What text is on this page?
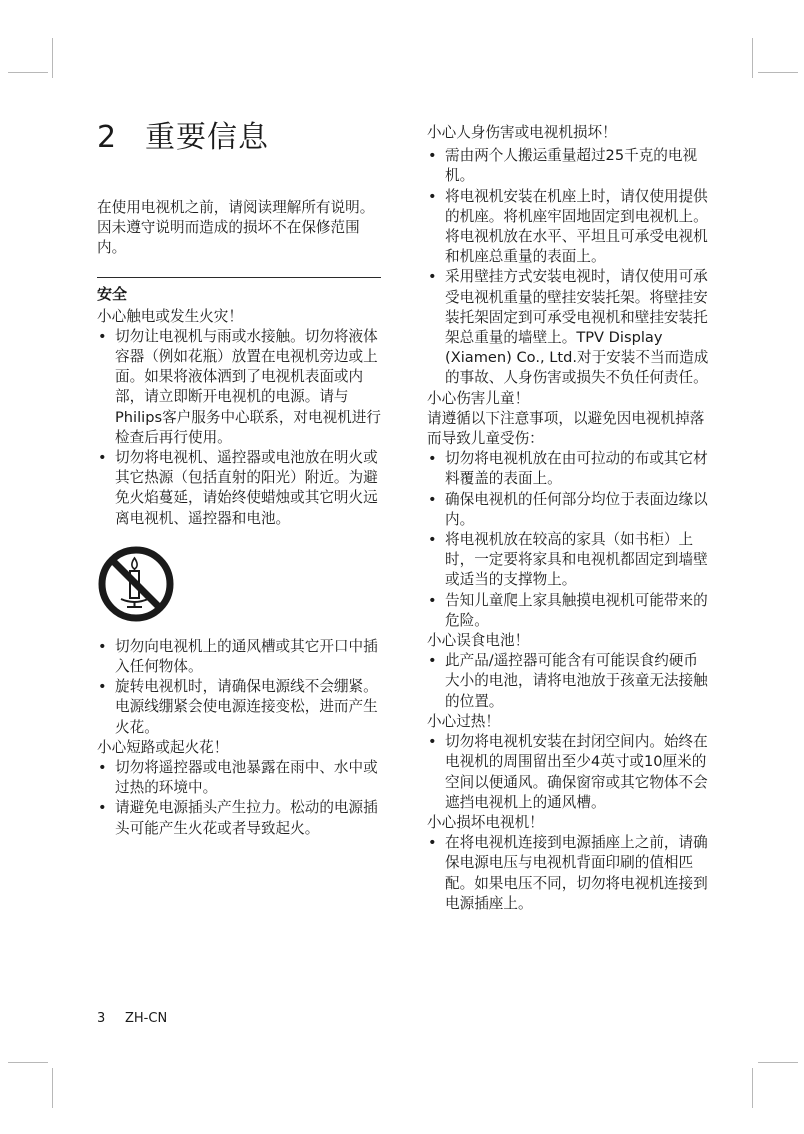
2 重要信息

在使用电视机之前，请阅读理解所有说明。因未遵守说明而造成的损坏不在保修范围内。

安全

小心触电或发生火灾！

• 切勿让电视机与雨或水接触。切勿将液体容器（例如花瓶）放置在电视机旁边或上面。如果将液体洒到了电视机表面或内部，请立即断开电视机的电源。请与Philips客户服务中心联系，对电视机进行检查后再行使用。
• 切勿将电视机、遥控器或电池放在明火或其它热源（包括直射的阳光）附近。为避免火焰蔓延，请始终使蜡烛或其它明火远离电视机、遥控器和电池。
• 切勿向电视机上的通风槽或其它开口中插入任何物体。
• 旋转电视机时，请确保电源线不会绷紧。电源线绷紧会使电源连接变松，进而产生火花。

小心短路或起火花！

• 切勿将遥控器或电池暴露在雨中、水中或过热的环境中。
• 请避免电源插头产生拉力。松动的电源插头可能产生火花或者导致起火。

小心人身伤害或电视机损坏！

• 需由两个人搬运重量超过25千克的电视机。
• 将电视机安装在机座上时，请仅使用提供的机座。将机座牢固地固定到电视机上。将电视机放在水平、平坦且可承受电视机和机座总重量的表面上。
• 采用壁挂方式安装电视时，请仅使用可承受电视机重量的壁挂安装托架。将壁挂安装托架固定到可承受电视机和壁挂安装托架总重量的墙壁上。TPV Display (Xiamen) Co., Ltd.对于安装不当而造成的事故、人身伤害或损失不负任何责任。

小心伤害儿童！

请遵循以下注意事项，以避免因电视机掉落而导致儿童受伤：

• 切勿将电视机放在由可拉动的布或其它材料覆盖的表面上。
• 确保电视机的任何部分均位于表面边缘以内。
• 将电视机放在较高的家具（如书柜）上时，一定要将家具和电视机都固定到墙壁或适当的支撑物上。
• 告知儿童爬上家具触摸电视机可能带来的危险。

小心误食电池！

• 此产品/遥控器可能含有可能误食约硬币大小的电池，请将电池放于孩童无法接触的位置。

小心过热！

• 切勿将电视机安装在封闭空间内。始终在电视机的周围留出至少4英寸或10厘米的空间以便通风。确保窗帘或其它物体不会遮挡电视机上的通风槽。

小心损坏电视机！

• 在将电视机连接到电源插座上之前，请确保电源电压与电视机背面印刷的值相匹配。如果电压不同，切勿将电视机连接到电源插座上。
3 ZH-CN
